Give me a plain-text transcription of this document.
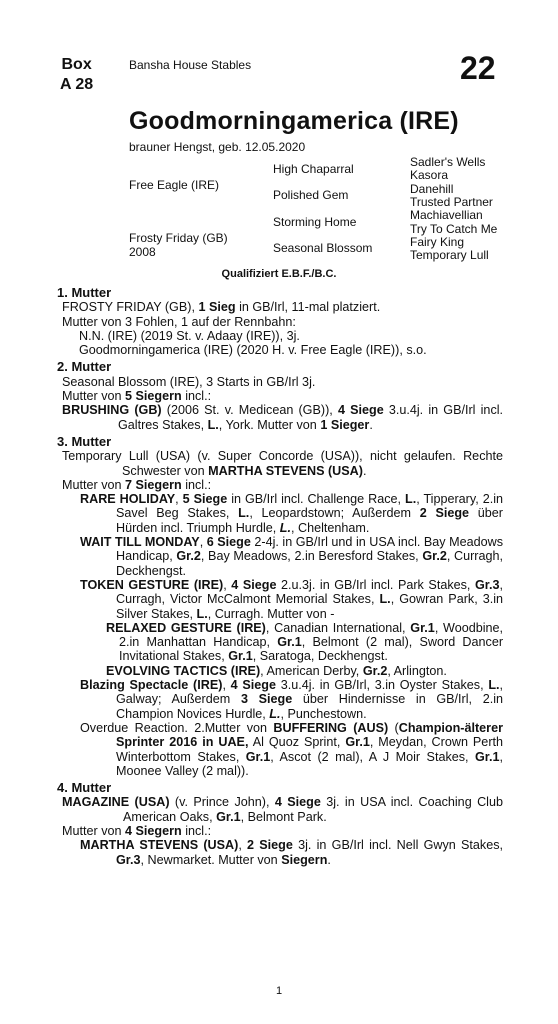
Box
A 28
Bansha House Stables	22
Goodmorningamerica (IRE)
brauner Hengst, geb. 12.05.2020
Free Eagle (IRE)
Frosty Friday (GB)
2008
High Chaparral
Polished Gem
Storming Home
Seasonal Blossom
Sadler's Wells
Kasora
Danehill
Trusted Partner
Machiavellian
Try To Catch Me
Fairy King
Temporary Lull
Qualifiziert E.B.F./B.C.
1. Mutter

FROSTY FRIDAY (GB), 1 Sieg in GB/Irl, 11-mal platziert.

Mutter von 3 Fohlen, 1 auf der Rennbahn:

N.N. (IRE) (2019 St. v. Adaay (IRE)), 3j.

Goodmorningamerica (IRE) (2020 H. v. Free Eagle (IRE)), s.o.

2. Mutter

Seasonal Blossom (IRE), 3 Starts in GB/Irl 3j.

Mutter von 5 Siegern incl.:

BRUSHING (GB) (2006 St. v. Medicean (GB)), 4 Siege 3.u.4j. in GB/Irl incl. Galtres Stakes, L., York. Mutter von 1 Sieger.

3. Mutter

Temporary Lull (USA) (v. Super Concorde (USA)), nicht gelaufen. Rechte Schwester von MARTHA STEVENS (USA).

Mutter von 7 Siegern incl.:

RARE HOLIDAY, 5 Siege in GB/Irl incl. Challenge Race, L., Tipperary, 2.in Savel Beg Stakes, L., Leopardstown; Außerdem 2 Siege über Hürden incl. Triumph Hurdle, L., Cheltenham.

WAIT TILL MONDAY, 6 Siege 2-4j. in GB/Irl und in USA incl. Bay Meadows Handicap, Gr.2, Bay Meadows, 2.in Beresford Stakes, Gr.2, Curragh, Deckhengst.

TOKEN GESTURE (IRE), 4 Siege 2.u.3j. in GB/Irl incl. Park Stakes, Gr.3, Curragh, Victor McCalmont Memorial Stakes, L., Gowran Park, 3.in Silver Stakes, L., Curragh. Mutter von -

RELAXED GESTURE (IRE), Canadian International, Gr.1, Woodbine, 2.in Manhattan Handicap, Gr.1, Belmont (2 mal), Sword Dancer Invitational Stakes, Gr.1, Saratoga, Deckhengst.

EVOLVING TACTICS (IRE), American Derby, Gr.2, Arlington.

Blazing Spectacle (IRE), 4 Siege 3.u.4j. in GB/Irl, 3.in Oyster Stakes, L., Galway; Außerdem 3 Siege über Hindernisse in GB/Irl, 2.in Champion Novices Hurdle, L., Punchestown.

Overdue Reaction. 2.Mutter von BUFFERING (AUS) (Champion-älterer Sprinter 2016 in UAE, Al Quoz Sprint, Gr.1, Meydan, Crown Perth Winterbottom Stakes, Gr.1, Ascot (2 mal), A J Moir Stakes, Gr.1, Moonee Valley (2 mal)).

4. Mutter

MAGAZINE (USA) (v. Prince John), 4 Siege 3j. in USA incl. Coaching Club American Oaks, Gr.1, Belmont Park.

Mutter von 4 Siegern incl.:

MARTHA STEVENS (USA), 2 Siege 3j. in GB/Irl incl. Nell Gwyn Stakes, Gr.3, Newmarket. Mutter von Siegern.

1
